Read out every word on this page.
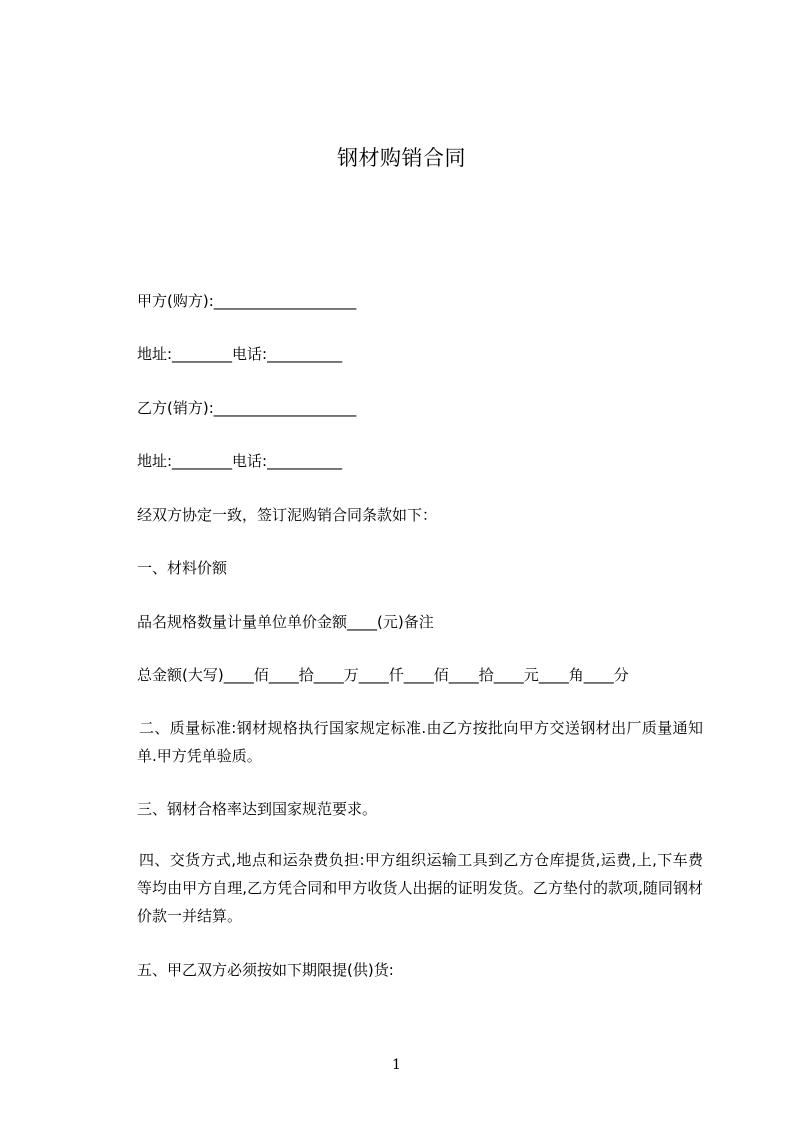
钢材购销合同

甲方(购方):___________________

地址:________电话:__________

乙方(销方):___________________

地址:________电话:__________

经双方协定一致，签订泥购销合同条款如下：

一、材料价额

品名规格数量计量单位单价金额____(元)备注

总金额(大写)____佰____拾____万____仟____佰____拾____元____角____分

二、质量标准:钢材规格执行国家规定标准.由乙方按批向甲方交送钢材出厂质量通知单.甲方凭单验质。

三、钢材合格率达到国家规范要求。

四、交货方式,地点和运杂费负担:甲方组织运输工具到乙方仓库提货,运费,上,下车费等均由甲方自理,乙方凭合同和甲方收货人出据的证明发货。乙方垫付的款项,随同钢材价款一并结算。

五、甲乙双方必须按如下期限提(供)货:

1
